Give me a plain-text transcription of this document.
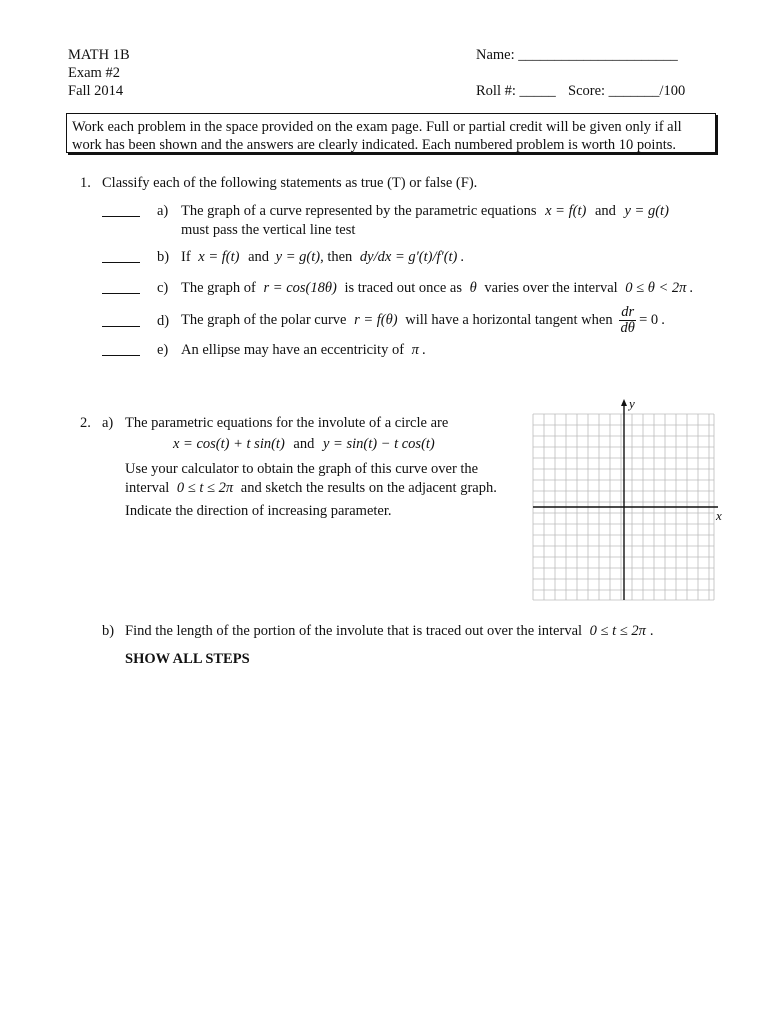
MATH 1B
Exam #2
Fall 2014
Name: ______________________
Roll #: _____ Score: _______/100
Work each problem in the space provided on the exam page. Full or partial credit will be given only if all work has been shown and the answers are clearly indicated. Each numbered problem is worth 10 points.
1. Classify each of the following statements as true (T) or false (F).
a) The graph of a curve represented by the parametric equations x = f(t) and y = g(t)
must pass the vertical line test
b) If x = f(t) and y = g(t), then dy/dx = g′(t)/f′(t) .
c) The graph of r = cos(18θ) is traced out once as θ varies over the interval 0 ≤ θ < 2π .
d) The graph of the polar curve r = f(θ) will have a horizontal tangent when $\frac{dr}{d\theta} = 0$ .
e) An ellipse may have an eccentricity of π .
2. a) The parametric equations for the involute of a circle are
x = cos(t) + t sin(t) and y = sin(t) − t cos(t)
Use your calculator to obtain the graph of this curve over the
interval 0 ≤ t ≤ 2π and sketch the results on the adjacent graph.
Indicate the direction of increasing parameter.	x
y
b) Find the length of the portion of the involute that is traced out over the interval 0 ≤ t ≤ 2π .
SHOW ALL STEPS
